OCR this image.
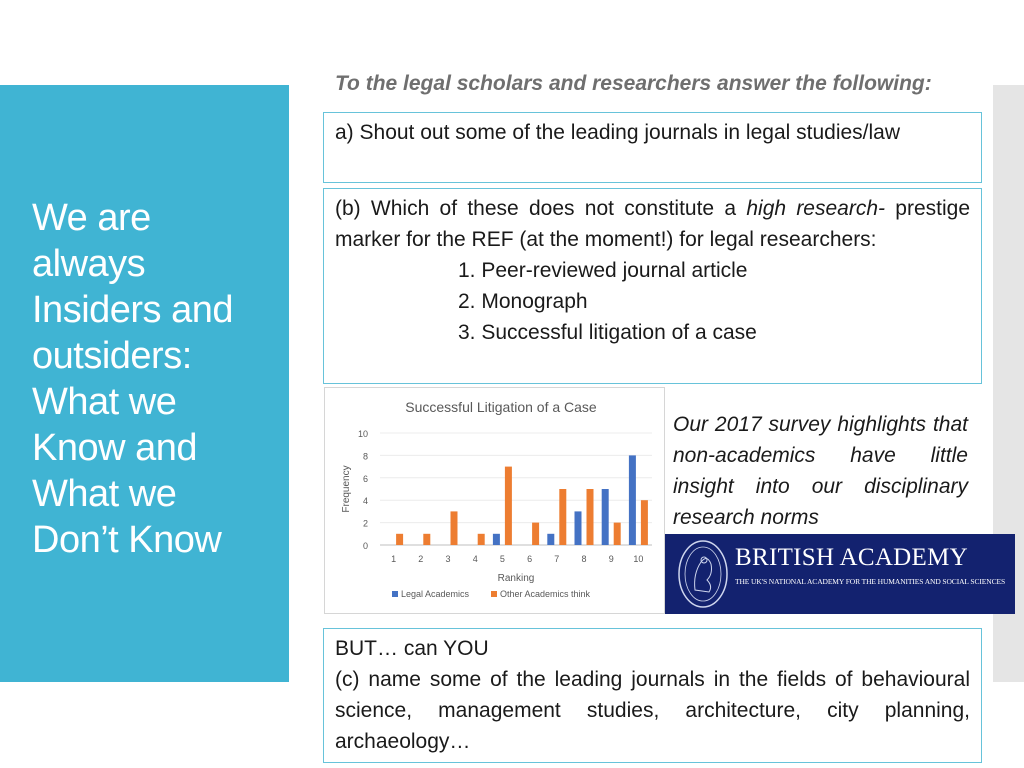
We are
always
Insiders and
outsiders:
What we
Know and
What we
Don’t Know
To the legal scholars and researchers answer the following:
a) Shout out some of the leading journals in legal studies/law
(b) Which of these does not constitute a high research- prestige marker for the REF (at the moment!) for legal researchers:
1. Peer-reviewed journal article
2. Monograph
3. Successful litigation of a case
Successful Litigation of a Case
0
2
4
6
8
10
Frequency
1 2 3 4 5 6 7 8 9 10
Ranking
Legal Academics	Other Academics think
Our 2017 survey highlights that non-academics have little insight into our disciplinary research norms
BRITISH ACADEMY
THE UK'S NATIONAL ACADEMY FOR THE HUMANITIES AND SOCIAL SCIENCES
BUT… can YOU
(c) name some of the leading journals in the fields of behavioural science, management studies, architecture, city planning, archaeology…
